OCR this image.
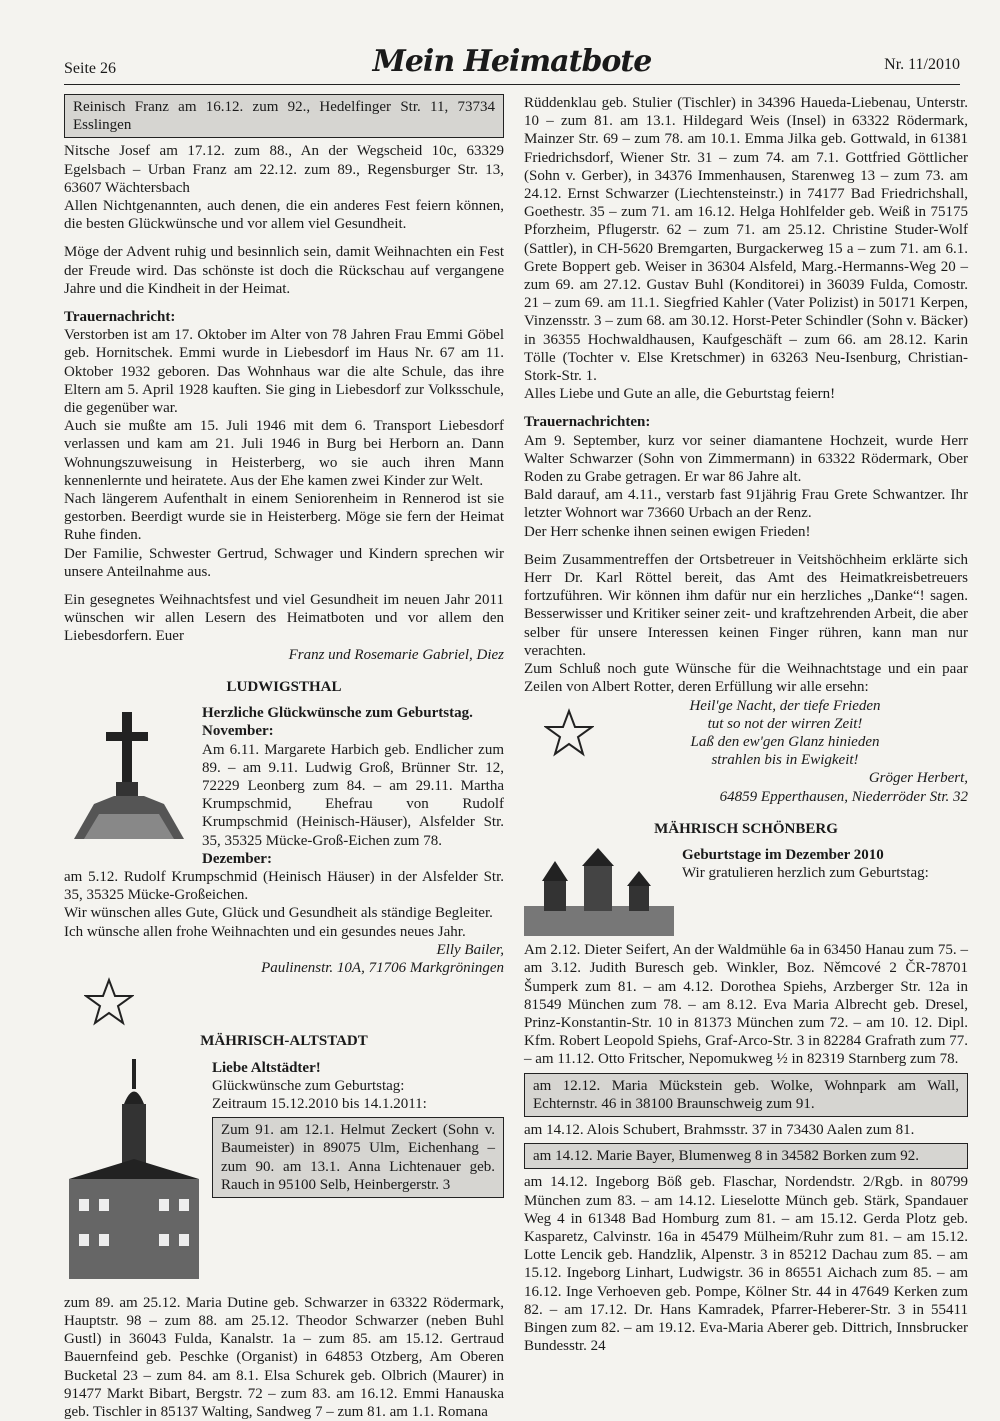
Seite 26	Mein Heimatbote	Nr. 11/2010
Reinisch Franz am 16.12. zum 92., Hedelfinger Str. 11, 73734 Esslingen

Nitsche Josef am 17.12. zum 88., An der Wegscheid 10c, 63329 Egelsbach – Urban Franz am 22.12. zum 89., Regensburger Str. 13, 63607 Wächtersbach

Allen Nichtgenannten, auch denen, die ein anderes Fest feiern können, die besten Glückwünsche und vor allem viel Gesundheit.

Möge der Advent ruhig und besinnlich sein, damit Weihnachten ein Fest der Freude wird. Das schönste ist doch die Rückschau auf vergangene Jahre und die Kindheit in der Heimat.

Trauernachricht:

Verstorben ist am 17. Oktober im Alter von 78 Jahren Frau Emmi Göbel geb. Hornitschek. Emmi wurde in Liebesdorf im Haus Nr. 67 am 11. Oktober 1932 geboren. Das Wohnhaus war die alte Schule, das ihre Eltern am 5. April 1928 kauften. Sie ging in Liebesdorf zur Volksschule, die gegenüber war.

Auch sie mußte am 15. Juli 1946 mit dem 6. Transport Liebesdorf verlassen und kam am 21. Juli 1946 in Burg bei Herborn an. Dann Wohnungszuweisung in Heisterberg, wo sie auch ihren Mann kennenlernte und heiratete. Aus der Ehe kamen zwei Kinder zur Welt.

Nach längerem Aufenthalt in einem Seniorenheim in Rennerod ist sie gestorben. Beerdigt wurde sie in Heisterberg. Möge sie fern der Heimat Ruhe finden.

Der Familie, Schwester Gertrud, Schwager und Kindern sprechen wir unsere Anteilnahme aus.

Ein gesegnetes Weihnachtsfest und viel Gesundheit im neuen Jahr 2011 wünschen wir allen Lesern des Heimatboten und vor allem den Liebesdorfern. Euer

Franz und Rosemarie Gabriel, Diez

LUDWIGSTHAL

Herzliche Glückwünsche zum Geburtstag.

November:

Am 6.11. Margarete Harbich geb. Endlicher zum 89. – am 9.11. Ludwig Groß, Brünner Str. 12, 72229 Leonberg zum 84. – am 29.11. Martha Krumpschmid, Ehefrau von Rudolf Krumpschmid (Heinisch-Häuser), Alsfelder Str. 35, 35325 Mücke-Groß-Eichen zum 78.

Dezember:

am 5.12. Rudolf Krumpschmid (Heinisch Häuser) in der Alsfelder Str. 35, 35325 Mücke-Großeichen.

Wir wünschen alles Gute, Glück und Gesundheit als ständige Begleiter.

Ich wünsche allen frohe Weihnachten und ein gesundes neues Jahr.

Elly Bailer,

Paulinenstr. 10A, 71706 Markgröningen

MÄHRISCH-ALTSTADT

Liebe Altstädter!

Glückwünsche zum Geburtstag:

Zeitraum 15.12.2010 bis 14.1.2011:

Zum 91. am 12.1. Helmut Zeckert (Sohn v. Baumeister) in 89075 Ulm, Eichenhang – zum 90. am 13.1. Anna Lichtenauer geb. Rauch in 95100 Selb, Heinbergerstr. 3

zum 89. am 25.12. Maria Dutine geb. Schwarzer in 63322 Rödermark, Hauptstr. 98 – zum 88. am 25.12. Theodor Schwarzer (neben Buhl Gustl) in 36043 Fulda, Kanalstr. 1a – zum 85. am 15.12. Gertraud Bauernfeind geb. Peschke (Organist) in 64853 Otzberg, Am Oberen Bucketal 23 – zum 84. am 8.1. Elsa Schurek geb. Olbrich (Maurer) in 91477 Markt Bibart, Bergstr. 72 – zum 83. am 16.12. Emmi Hanauska geb. Tischler in 85137 Walting, Sandweg 7 – zum 81. am 1.1. Romana

Rüddenklau geb. Stulier (Tischler) in 34396 Haueda-Liebenau, Unterstr. 10 – zum 81. am 13.1. Hildegard Weis (Insel) in 63322 Rödermark, Mainzer Str. 69 – zum 78. am 10.1. Emma Jilka geb. Gottwald, in 61381 Friedrichsdorf, Wiener Str. 31 – zum 74. am 7.1. Gottfried Göttlicher (Sohn v. Gerber), in 34376 Immenhausen, Starenweg 13 – zum 73. am 24.12. Ernst Schwarzer (Liechtensteinstr.) in 74177 Bad Friedrichshall, Goethestr. 35 – zum 71. am 16.12. Helga Hohlfelder geb. Weiß in 75175 Pforzheim, Pflugerstr. 62 – zum 71. am 25.12. Christine Studer-Wolf (Sattler), in CH-5620 Bremgarten, Burgackerweg 15 a – zum 71. am 6.1. Grete Boppert geb. Weiser in 36304 Alsfeld, Marg.-Hermanns-Weg 20 – zum 69. am 27.12. Gustav Buhl (Konditorei) in 36039 Fulda, Comostr. 21 – zum 69. am 11.1. Siegfried Kahler (Vater Polizist) in 50171 Kerpen, Vinzensstr. 3 – zum 68. am 30.12. Horst-Peter Schindler (Sohn v. Bäcker) in 36355 Hochwaldhausen, Kaufgeschäft – zum 66. am 28.12. Karin Tölle (Tochter v. Else Kretschmer) in 63263 Neu-Isenburg, Christian-Stork-Str. 1.

Alles Liebe und Gute an alle, die Geburtstag feiern!

Trauernachrichten:

Am 9. September, kurz vor seiner diamantene Hochzeit, wurde Herr Walter Schwarzer (Sohn von Zimmermann) in 63322 Rödermark, Ober Roden zu Grabe getragen. Er war 86 Jahre alt.

Bald darauf, am 4.11., verstarb fast 91jährig Frau Grete Schwantzer. Ihr letzter Wohnort war 73660 Urbach an der Renz.

Der Herr schenke ihnen seinen ewigen Frieden!

Beim Zusammentreffen der Ortsbetreuer in Veitshöchheim erklärte sich Herr Dr. Karl Röttel bereit, das Amt des Heimatkreisbetreuers fortzuführen. Wir können ihm dafür nur ein herzliches „Danke“! sagen. Besserwisser und Kritiker seiner zeit- und kraftzehrenden Arbeit, die aber selber für unsere Interessen keinen Finger rühren, kann man nur verachten.

Zum Schluß noch gute Wünsche für die Weihnachtstage und ein paar Zeilen von Albert Rotter, deren Erfüllung wir alle ersehn:

Heil'ge Nacht, der tiefe Frieden

tut so not der wirren Zeit!

Laß den ew'gen Glanz hinieden

strahlen bis in Ewigkeit!

Gröger Herbert,

64859 Epperthausen, Niederröder Str. 32

MÄHRISCH SCHÖNBERG

Geburtstage im Dezember 2010

Wir gratulieren herzlich zum Geburtstag:

Am 2.12. Dieter Seifert, An der Waldmühle 6a in 63450 Hanau zum 75. – am 3.12. Judith Buresch geb. Winkler, Boz. Němcové 2 ČR-78701 Šumperk zum 81. – am 4.12. Dorothea Spiehs, Arzberger Str. 12a in 81549 München zum 78. – am 8.12. Eva Maria Albrecht geb. Dresel, Prinz-Konstantin-Str. 10 in 81373 München zum 72. – am 10. 12. Dipl. Kfm. Robert Leopold Spiehs, Graf-Arco-Str. 3 in 82284 Grafrath zum 77. – am 11.12. Otto Fritscher, Nepomukweg ½ in 82319 Starnberg zum 78.

am 12.12. Maria Mückstein geb. Wolke, Wohnpark am Wall, Echternstr. 46 in 38100 Braunschweig zum 91.

am 14.12. Alois Schubert, Brahmsstr. 37 in 73430 Aalen zum 81.

am 14.12. Marie Bayer, Blumenweg 8 in 34582 Borken zum 92.

am 14.12. Ingeborg Böß geb. Flaschar, Nordendstr. 2/Rgb. in 80799 München zum 83. – am 14.12. Lieselotte Münch geb. Stärk, Spandauer Weg 4 in 61348 Bad Homburg zum 81. – am 15.12. Gerda Plotz geb. Kasparetz, Calvinstr. 16a in 45479 Mülheim/Ruhr zum 81. – am 15.12. Lotte Lencik geb. Handzlik, Alpenstr. 3 in 85212 Dachau zum 85. – am 15.12. Ingeborg Linhart, Ludwigstr. 36 in 86551 Aichach zum 85. – am 16.12. Inge Verhoeven geb. Pompe, Kölner Str. 44 in 47649 Kerken zum 82. – am 17.12. Dr. Hans Kamradek, Pfarrer-Heberer-Str. 3 in 55411 Bingen zum 82. – am 19.12. Eva-Maria Aberer geb. Dittrich, Innsbrucker Bundesstr. 24
